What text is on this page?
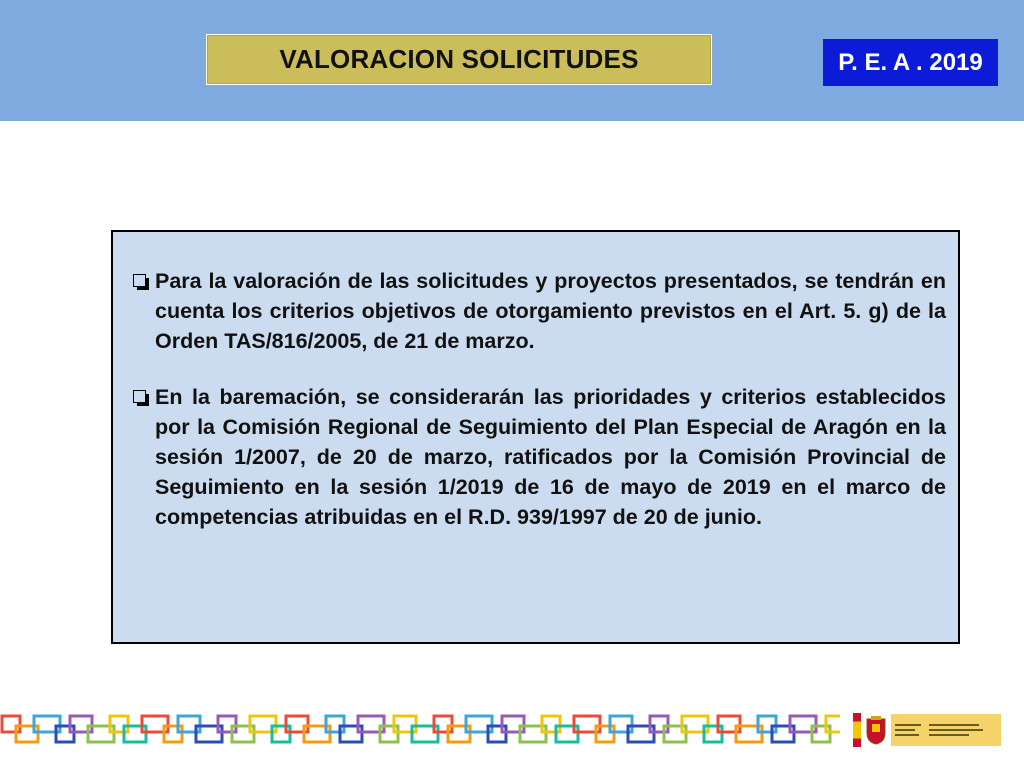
VALORACION SOLICITUDES	P. E. A . 2019
Para la valoración de las solicitudes y proyectos presentados, se tendrán en cuenta los criterios objetivos de otorgamiento previstos en el Art. 5. g) de la Orden TAS/816/2005, de 21 de marzo.
En la baremación, se considerarán las prioridades y criterios establecidos por la Comisión Regional de Seguimiento del Plan Especial de Aragón en la sesión 1/2007, de 20 de marzo, ratificados por la Comisión Provincial de Seguimiento en la sesión 1/2019 de 16 de mayo de 2019 en el marco de competencias atribuidas en el R.D. 939/1997 de 20 de junio.
